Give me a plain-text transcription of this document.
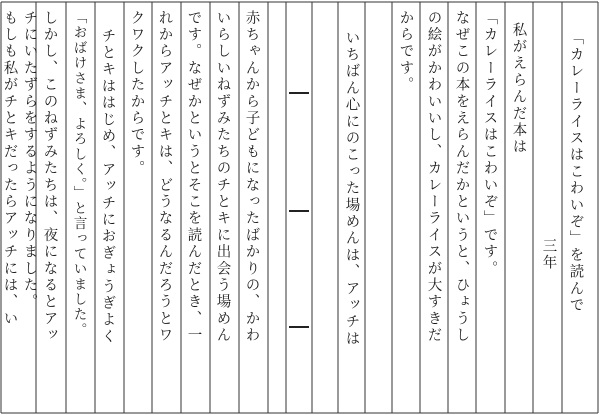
「カレーライスはこわいぞ」を読んで
三年
私がえらんだ本は
「カレーライスはこわいぞ」です。
なぜこの本をえらんだかというと、ひょうし
の絵がかわいいし、カレーライスが大すきだ
からです。
いちばん心にのこった場めんは、アッチは
赤ちゃんから子どもになったばかりの、かわ
いらしいねずみたちのチとキに出会う場めん
です。なぜかというとそこを読んだとき、一
れからアッチとキは、どうなるんだろうとワ
クワクしたからです。
チとキははじめ、アッチにおぎょうぎよく
「おばけさま、よろしく。」と言っていました。
しかし、このねずみたちは、夜になるとアッ
チにいたずらをするようになりました。
もしも私がチとキだったらアッチには、い
